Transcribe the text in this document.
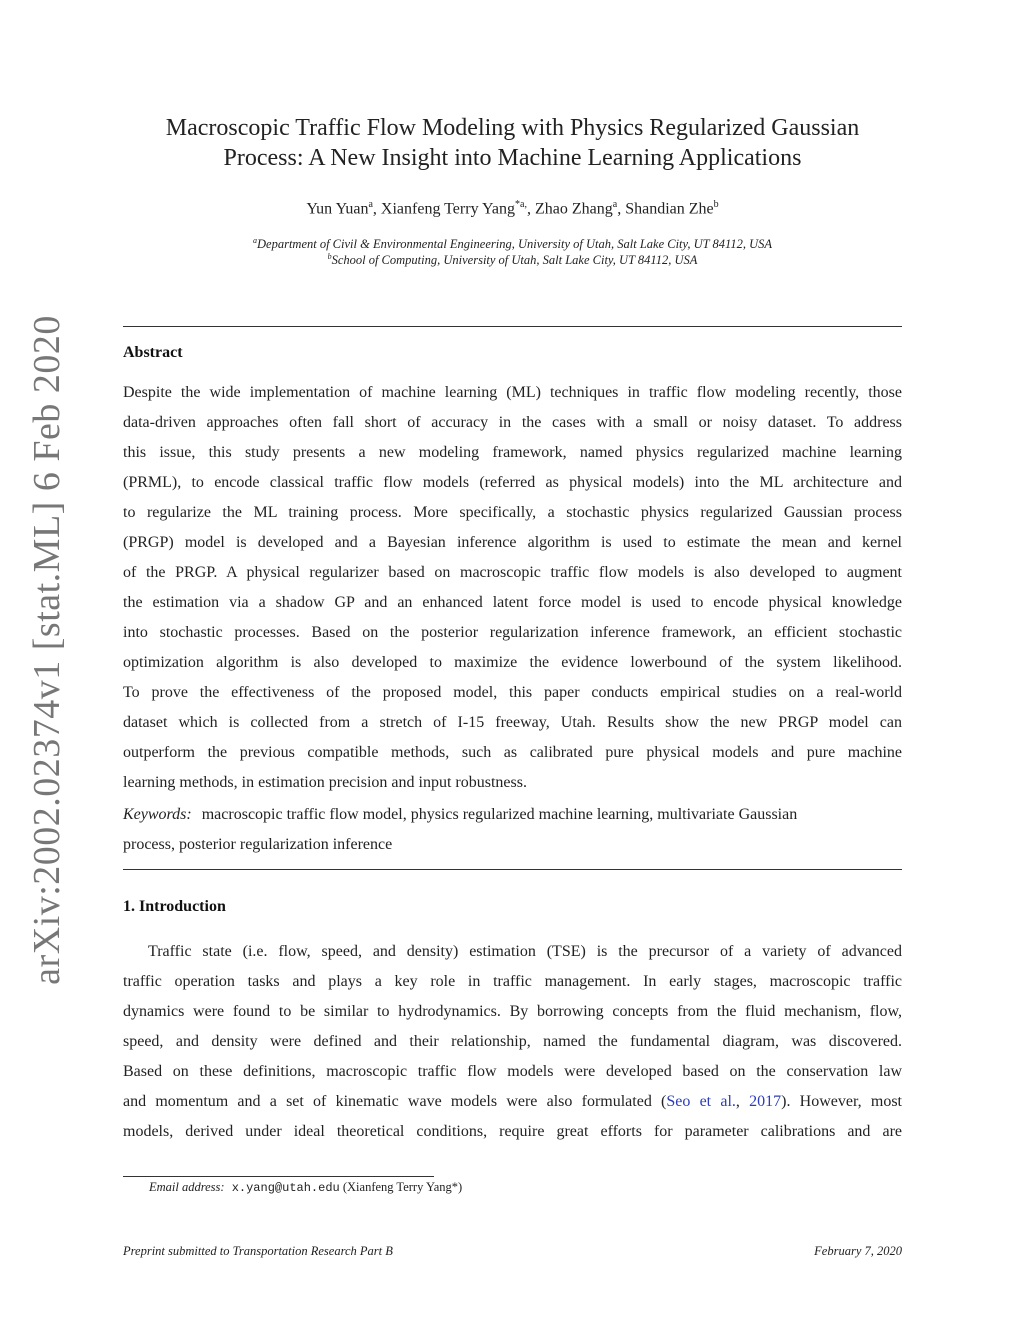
arXiv:2002.02374v1 [stat.ML] 6 Feb 2020
Macroscopic Traffic Flow Modeling with Physics Regularized Gaussian
Process: A New Insight into Machine Learning Applications
Yun Yuan$^a$, Xianfeng Terry Yang$^{*a,}$, Zhao Zhang$^a$, Shandian Zhe$^b$
$^a$Department of Civil & Environmental Engineering, University of Utah, Salt Lake City, UT 84112, USA
$^b$School of Computing, University of Utah, Salt Lake City, UT 84112, USA
Abstract
Despite the wide implementation of machine learning (ML) techniques in traffic flow modeling recently, those
data-driven approaches often fall short of accuracy in the cases with a small or noisy dataset. To address
this issue, this study presents a new modeling framework, named physics regularized machine learning
(PRML), to encode classical traffic flow models (referred as physical models) into the ML architecture and
to regularize the ML training process. More specifically, a stochastic physics regularized Gaussian process
(PRGP) model is developed and a Bayesian inference algorithm is used to estimate the mean and kernel
of the PRGP. A physical regularizer based on macroscopic traffic flow models is also developed to augment
the estimation via a shadow GP and an enhanced latent force model is used to encode physical knowledge
into stochastic processes. Based on the posterior regularization inference framework, an efficient stochastic
optimization algorithm is also developed to maximize the evidence lowerbound of the system likelihood.
To prove the effectiveness of the proposed model, this paper conducts empirical studies on a real-world
dataset which is collected from a stretch of I-15 freeway, Utah. Results show the new PRGP model can
outperform the previous compatible methods, such as calibrated pure physical models and pure machine
learning methods, in estimation precision and input robustness.
Keywords: macroscopic traffic flow model, physics regularized machine learning, multivariate Gaussian
process, posterior regularization inference
1. Introduction
Traffic state (i.e. flow, speed, and density) estimation (TSE) is the precursor of a variety of advanced
traffic operation tasks and plays a key role in traffic management. In early stages, macroscopic traffic
dynamics were found to be similar to hydrodynamics. By borrowing concepts from the fluid mechanism, flow,
speed, and density were defined and their relationship, named the fundamental diagram, was discovered.
Based on these definitions, macroscopic traffic flow models were developed based on the conservation law
and momentum and a set of kinematic wave models were also formulated (Seo et al., 2017). However, most
models, derived under ideal theoretical conditions, require great efforts for parameter calibrations and are
Email address: x.yang@utah.edu (Xianfeng Terry Yang*)
Preprint submitted to Transportation Research Part B	February 7, 2020
